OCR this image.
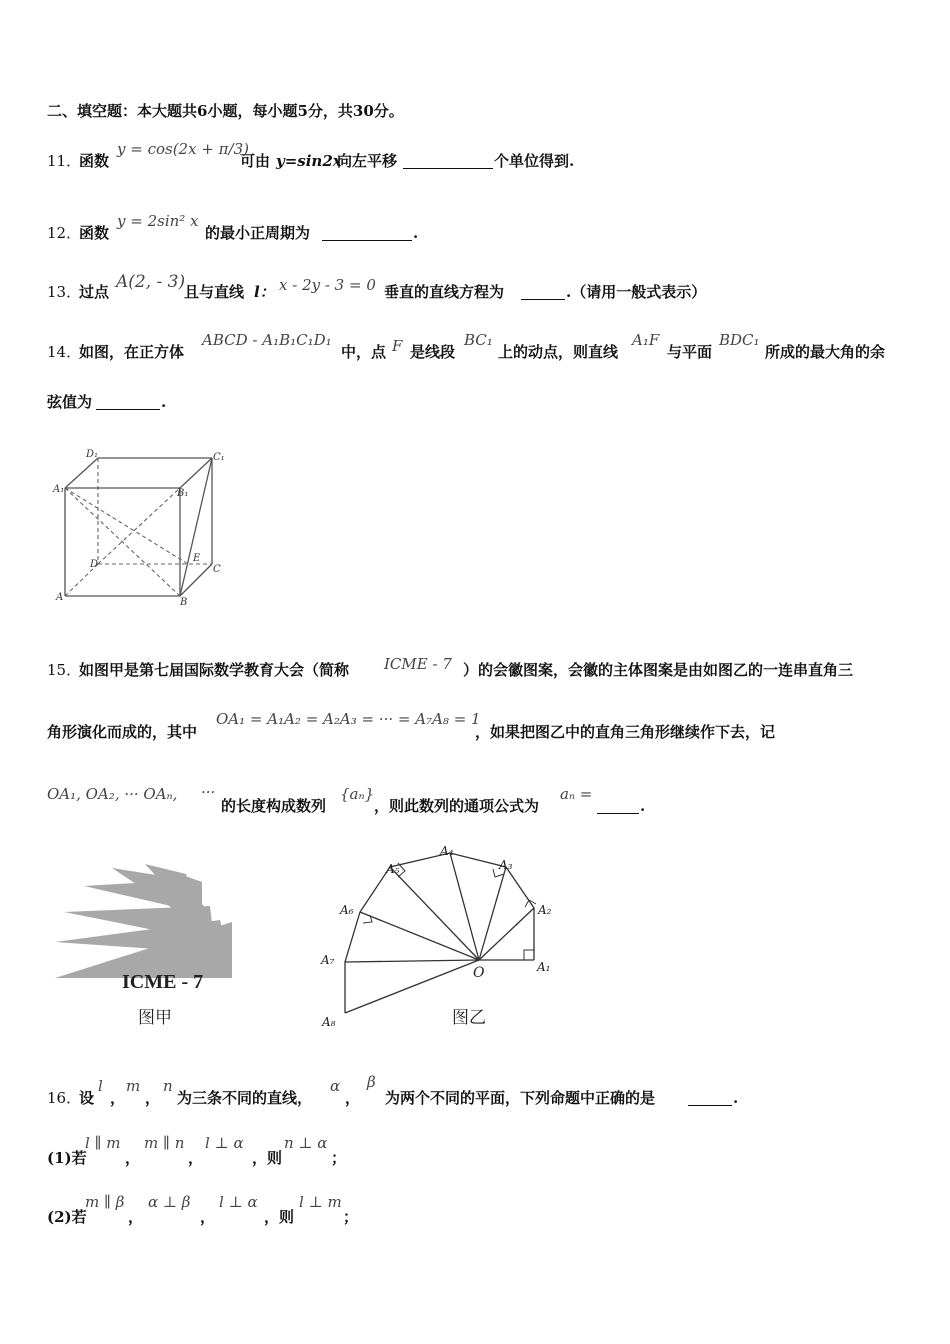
二、填空题：本大题共6小题，每小题5分，共30分。
11．
函数
y = cos(2x + π/3)
可由 y=sin2x
向左平移	个单位得到.
12．
函数
y = 2sin² x
的最小正周期为	.
13．
过点 A(2, - 3)
且与直线 l： x - 2y - 3 = 0 垂直的直线方程为	.（请用一般式表示）
14．
如图，在正方体
ABCD - A₁B₁C₁D₁
中，点 F 是线段
BC₁
上的动点，则直线
A₁F
与平面
BDC₁
所成的最大角的余
弦值为	.
D₁	C₁
A₁	B₁
D
E
C
A	B
15．
如图甲是第七届国际数学教育大会（简称 ICME - 7 ）的会徽图案，会徽的主体图案是由如图乙的一连串直角三
角形演化而成的，其中
OA₁ = A₁A₂ = A₂A₃ = ··· = A₇A₈ = 1
，如果把图乙中的直角三角形继续作下去，记
OA₁, OA₂, ··· OAₙ, ···
的长度构成数列
{aₙ}
，则此数列的通项公式为
aₙ =
.
ICME - 7
图甲
O	A₁
A₂
A₃
A₄
A₅
A₆
A₇
A₈	图乙
16．
设
l
，
m
，
n
为三条不同的直线，
α
，
β
为两个不同的平面，下列命题中正确的是	.
(1)若
l ∥ m
，
m ∥ n
，
l ⊥ α
，则
n ⊥ α
；
(2)若
m ∥ β
，
α ⊥ β
，
l ⊥ α
，则
l ⊥ m
；
